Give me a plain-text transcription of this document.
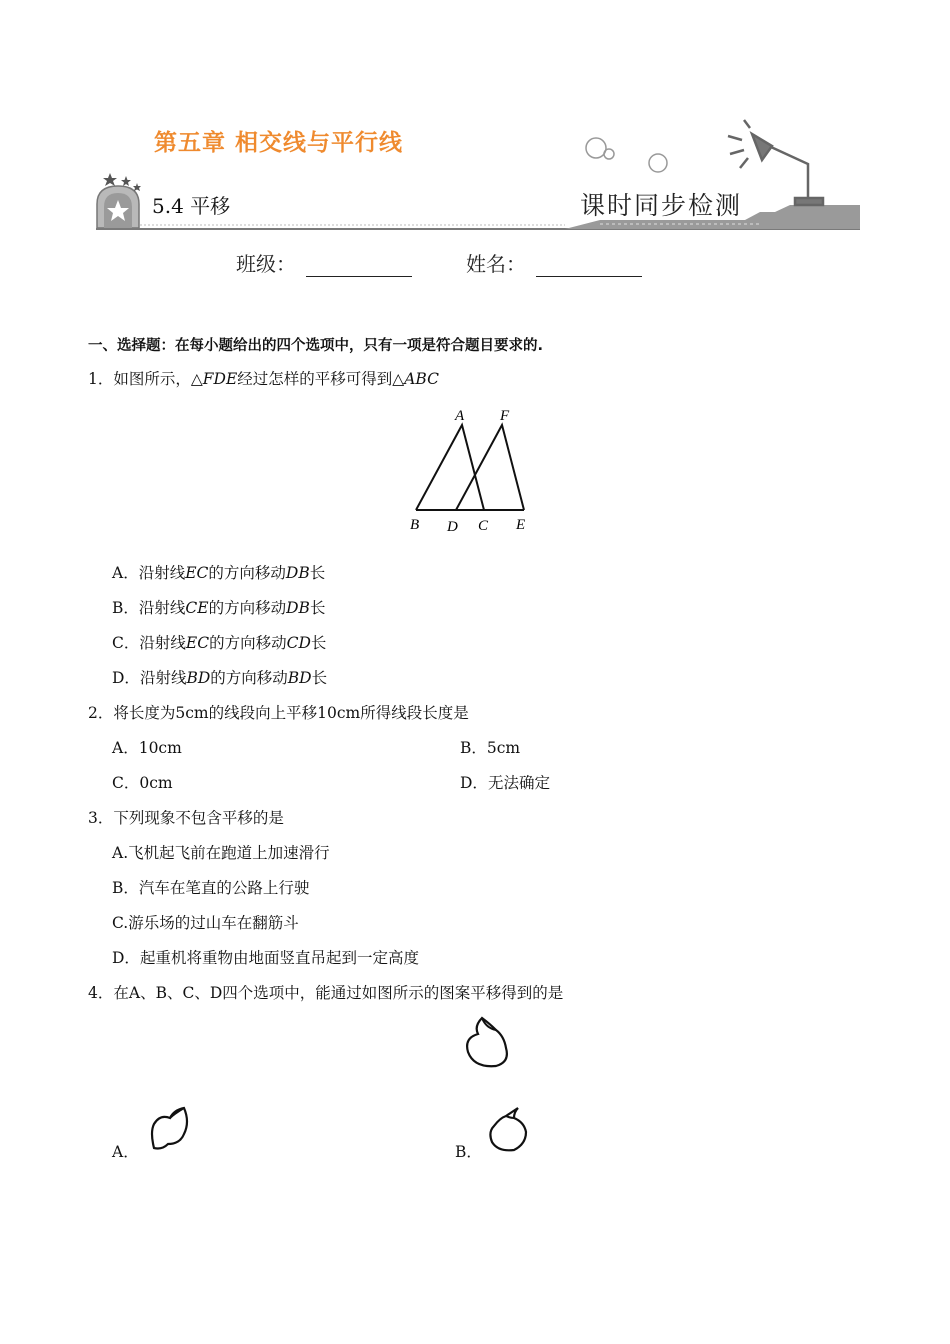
第五章 相交线与平行线
5.4 平移	课时同步检测
班级：	姓名：
一、选择题：在每小题给出的四个选项中，只有一项是符合题目要求的.
1．如图所示，△FDE经过怎样的平移可得到△ABC
A F
B D C E
A．沿射线EC的方向移动DB长
B．沿射线CE的方向移动DB长
C．沿射线EC的方向移动CD长
D．沿射线BD的方向移动BD长
2．将长度为5cm的线段向上平移10cm所得线段长度是
A．10cm	B．5cm
C．0cm	D．无法确定
3．下列现象不包含平移的是
A.飞机起飞前在跑道上加速滑行
B．汽车在笔直的公路上行驶
C.游乐场的过山车在翻筋斗
D．起重机将重物由地面竖直吊起到一定高度
4．在A、B、C、D四个选项中，能通过如图所示的图案平移得到的是
A．	B．
